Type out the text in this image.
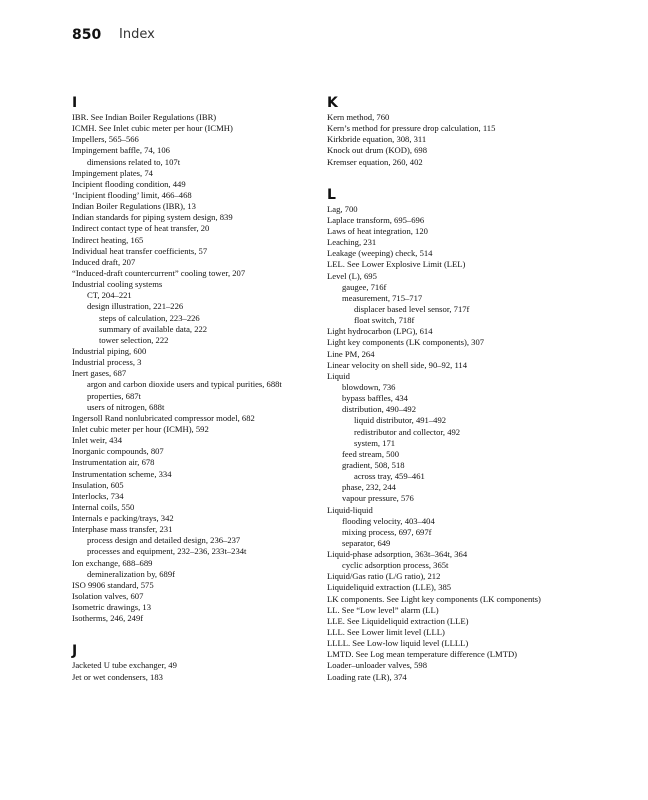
850 Index
I
IBR. See Indian Boiler Regulations (IBR)
ICMH. See Inlet cubic meter per hour (ICMH)
Impellers, 565–566
Impingement baffle, 74, 106
dimensions related to, 107t
Impingement plates, 74
Incipient flooding condition, 449
‘Incipient flooding’ limit, 466–468
Indian Boiler Regulations (IBR), 13
Indian standards for piping system design, 839
Indirect contact type of heat transfer, 20
Indirect heating, 165
Individual heat transfer coefficients, 57
Induced draft, 207
“Induced-draft countercurrent” cooling tower, 207
Industrial cooling systems
CT, 204–221
design illustration, 221–226
steps of calculation, 223–226
summary of available data, 222
tower selection, 222
Industrial piping, 600
Industrial process, 3
Inert gases, 687
argon and carbon dioxide users and typical purities, 688t
properties, 687t
users of nitrogen, 688t
Ingersoll Rand nonlubricated compressor model, 682
Inlet cubic meter per hour (ICMH), 592
Inlet weir, 434
Inorganic compounds, 807
Instrumentation air, 678
Instrumentation scheme, 334
Insulation, 605
Interlocks, 734
Internal coils, 550
Internals e packing/trays, 342
Interphase mass transfer, 231
process design and detailed design, 236–237
processes and equipment, 232–236, 233t–234t
Ion exchange, 688–689
demineralization by, 689f
ISO 9906 standard, 575
Isolation valves, 607
Isometric drawings, 13
Isotherms, 246, 249f
J
Jacketed U tube exchanger, 49
Jet or wet condensers, 183
K
Kern method, 760
Kern’s method for pressure drop calculation, 115
Kirkbride equation, 308, 311
Knock out drum (KOD), 698
Kremser equation, 260, 402
L
Lag, 700
Laplace transform, 695–696
Laws of heat integration, 120
Leaching, 231
Leakage (weeping) check, 514
LEL. See Lower Explosive Limit (LEL)
Level (L), 695
gaugee, 716f
measurement, 715–717
displacer based level sensor, 717f
float switch, 718f
Light hydrocarbon (LPG), 614
Light key components (LK components), 307
Line PM, 264
Linear velocity on shell side, 90–92, 114
Liquid
blowdown, 736
bypass baffles, 434
distribution, 490–492
liquid distributor, 491–492
redistributor and collector, 492
system, 171
feed stream, 500
gradient, 508, 518
across tray, 459–461
phase, 232, 244
vapour pressure, 576
Liquid-liquid
flooding velocity, 403–404
mixing process, 697, 697f
separator, 649
Liquid-phase adsorption, 363t–364t, 364
cyclic adsorption process, 365t
Liquid/Gas ratio (L/G ratio), 212
Liquideliquid extraction (LLE), 385
LK components. See Light key components (LK components)
LL. See “Low level” alarm (LL)
LLE. See Liquideliquid extraction (LLE)
LLL. See Lower limit level (LLL)
LLLL. See Low-low liquid level (LLLL)
LMTD. See Log mean temperature difference (LMTD)
Loader–unloader valves, 598
Loading rate (LR), 374
